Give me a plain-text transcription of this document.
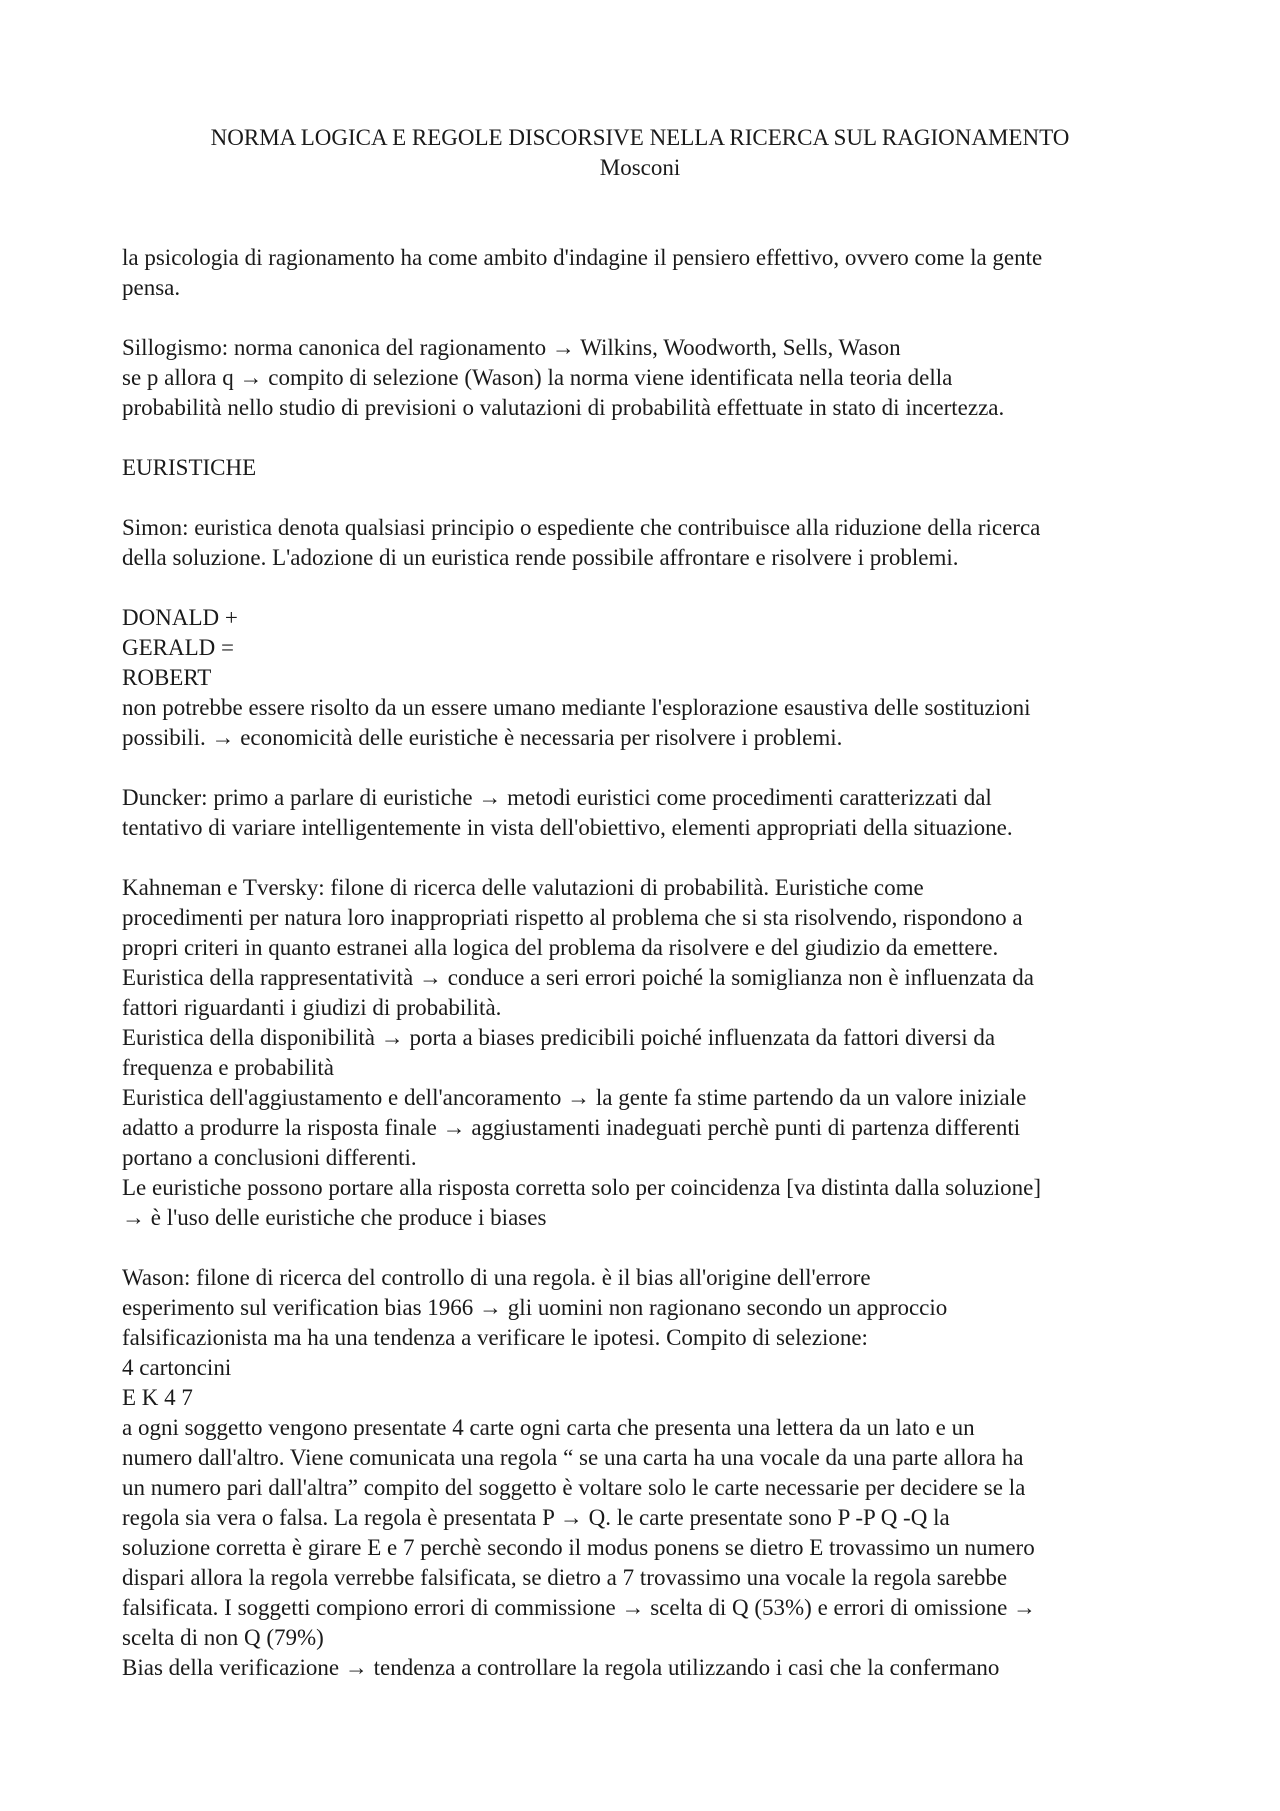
NORMA LOGICA E REGOLE DISCORSIVE NELLA RICERCA SUL RAGIONAMENTO
Mosconi
la psicologia di ragionamento ha come ambito d'indagine il pensiero effettivo, ovvero come la gente
pensa.
Sillogismo: norma canonica del ragionamento → Wilkins, Woodworth, Sells, Wason
se p allora q → compito di selezione (Wason) la norma viene identificata nella teoria della
probabilità nello studio di previsioni o valutazioni di probabilità effettuate in stato di incertezza.
EURISTICHE
Simon: euristica denota qualsiasi principio o espediente che contribuisce alla riduzione della ricerca
della soluzione. L'adozione di un euristica rende possibile affrontare e risolvere i problemi.
DONALD +
GERALD =
ROBERT
non potrebbe essere risolto da un essere umano mediante l'esplorazione esaustiva delle sostituzioni
possibili. → economicità delle euristiche è necessaria per risolvere i problemi.
Duncker: primo a parlare di euristiche → metodi euristici come procedimenti caratterizzati dal
tentativo di variare intelligentemente in vista dell'obiettivo, elementi appropriati della situazione.
Kahneman e Tversky: filone di ricerca delle valutazioni di probabilità. Euristiche come
procedimenti per natura loro inappropriati rispetto al problema che si sta risolvendo, rispondono a
propri criteri in quanto estranei alla logica del problema da risolvere e del giudizio da emettere.
Euristica della rappresentatività → conduce a seri errori poiché la somiglianza non è influenzata da
fattori riguardanti i giudizi di probabilità.
Euristica della disponibilità → porta a biases predicibili poiché influenzata da fattori diversi da
frequenza e probabilità
Euristica dell'aggiustamento e dell'ancoramento → la gente fa stime partendo da un valore iniziale
adatto a produrre la risposta finale → aggiustamenti inadeguati perchè punti di partenza differenti
portano a conclusioni differenti.
Le euristiche possono portare alla risposta corretta solo per coincidenza [va distinta dalla soluzione]
→ è l'uso delle euristiche che produce i biases
Wason: filone di ricerca del controllo di una regola. è il bias all'origine dell'errore
esperimento sul verification bias 1966 → gli uomini non ragionano secondo un approccio
falsificazionista ma ha una tendenza a verificare le ipotesi. Compito di selezione:
4 cartoncini
E K 4 7
a ogni soggetto vengono presentate 4 carte ogni carta che presenta una lettera da un lato e un
numero dall'altro. Viene comunicata una regola “ se una carta ha una vocale da una parte allora ha
un numero pari dall'altra” compito del soggetto è voltare solo le carte necessarie per decidere se la
regola sia vera o falsa. La regola è presentata P → Q. le carte presentate sono P -P Q -Q la
soluzione corretta è girare E e 7 perchè secondo il modus ponens se dietro E trovassimo un numero
dispari allora la regola verrebbe falsificata, se dietro a 7 trovassimo una vocale la regola sarebbe
falsificata. I soggetti compiono errori di commissione → scelta di Q (53%) e errori di omissione →
scelta di non Q (79%)
Bias della verificazione → tendenza a controllare la regola utilizzando i casi che la confermano
